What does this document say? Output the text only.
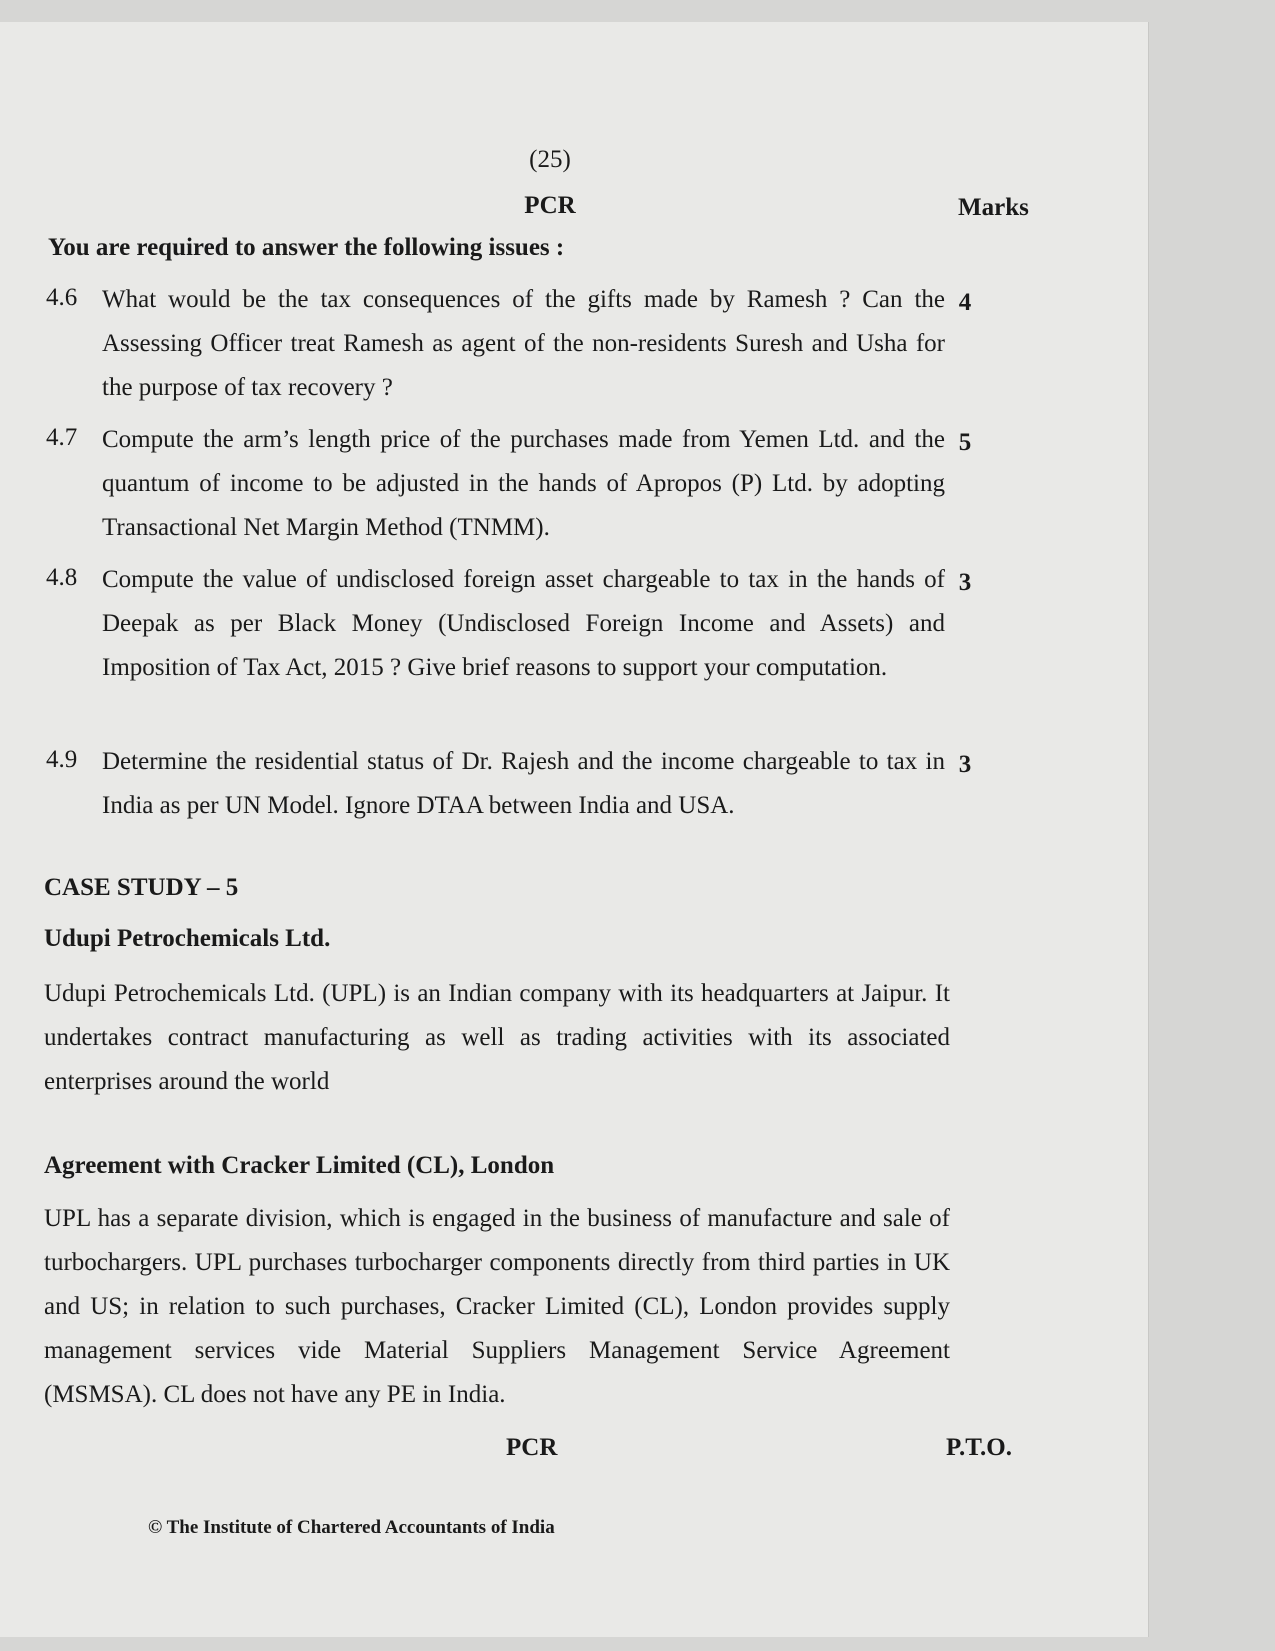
(25)
PCR	Marks
You are required to answer the following issues :
4.6 What would be the tax consequences of the gifts made by Ramesh ? Can the Assessing Officer treat Ramesh as agent of the non-residents Suresh and Usha for the purpose of tax recovery ?
4
4.7 Compute the arm’s length price of the purchases made from Yemen Ltd. and the quantum of income to be adjusted in the hands of Apropos (P) Ltd. by adopting Transactional Net Margin Method (TNMM).
5
4.8 Compute the value of undisclosed foreign asset chargeable to tax in the hands of Deepak as per Black Money (Undisclosed Foreign Income and Assets) and Imposition of Tax Act, 2015 ? Give brief reasons to support your computation.
3
4.9 Determine the residential status of Dr. Rajesh and the income chargeable to tax in India as per UN Model. Ignore DTAA between India and USA.
3
CASE STUDY – 5
Udupi Petrochemicals Ltd.
Udupi Petrochemicals Ltd. (UPL) is an Indian company with its headquarters at Jaipur. It undertakes contract manufacturing as well as trading activities with its associated enterprises around the world
Agreement with Cracker Limited (CL), London
UPL has a separate division, which is engaged in the business of manufacture and sale of turbochargers. UPL purchases turbocharger components directly from third parties in UK and US; in relation to such purchases, Cracker Limited (CL), London provides supply management services vide Material Suppliers Management Service Agreement (MSMSA). CL does not have any PE in India.
PCR	P.T.O.
© The Institute of Chartered Accountants of India
